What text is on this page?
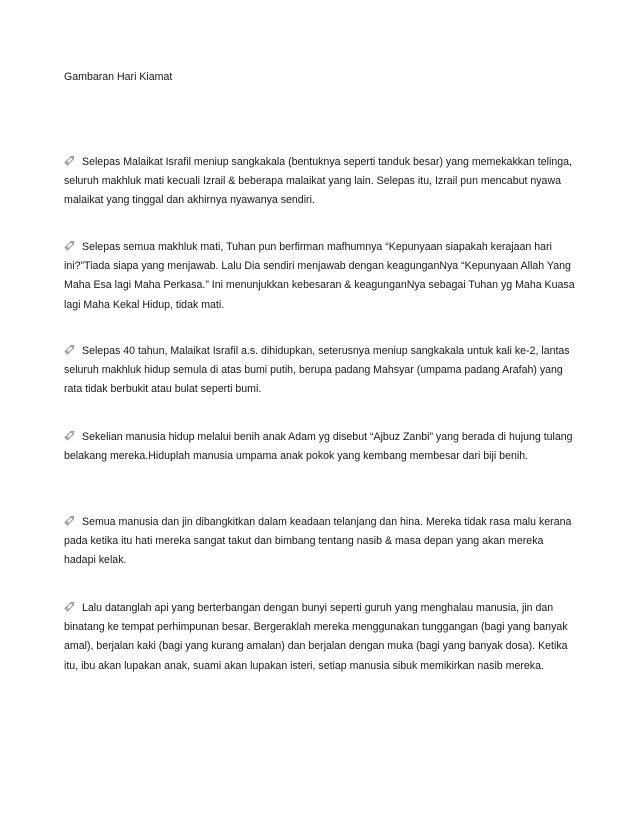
Gambaran Hari Kiamat

Selepas Malaikat Israfil meniup sangkakala (bentuknya seperti tanduk besar) yang memekakkan telinga, seluruh makhluk mati kecuali Izrail & beberapa malaikat yang lain. Selepas itu, Izrail pun mencabut nyawa malaikat yang tinggal dan akhirnya nyawanya sendiri.

Selepas semua makhluk mati, Tuhan pun berfirman mafhumnya “Kepunyaan siapakah kerajaan hari ini?”Tiada siapa yang menjawab. Lalu Dia sendiri menjawab dengan keagunganNya “Kepunyaan Allah Yang Maha Esa lagi Maha Perkasa.” Ini menunjukkan kebesaran & keagunganNya sebagai Tuhan yg Maha Kuasa lagi Maha Kekal Hidup, tidak mati.

Selepas 40 tahun, Malaikat Israfil a.s. dihidupkan, seterusnya meniup sangkakala untuk kali ke-2, lantas seluruh makhluk hidup semula di atas bumi putih, berupa padang Mahsyar (umpama padang Arafah) yang rata tidak berbukit atau bulat seperti bumi.

Sekelian manusia hidup melalui benih anak Adam yg disebut “Ajbuz Zanbi” yang berada di hujung tulang belakang mereka.Hiduplah manusia umpama anak pokok yang kembang membesar dari biji benih.

Semua manusia dan jin dibangkitkan dalam keadaan telanjang dan hina. Mereka tidak rasa malu kerana pada ketika itu hati mereka sangat takut dan bimbang tentang nasib & masa depan yang akan mereka hadapi kelak.

Lalu datanglah api yang berterbangan dengan bunyi seperti guruh yang menghalau manusia, jin dan binatang ke tempat perhimpunan besar. Bergeraklah mereka menggunakan tunggangan (bagi yang banyak amal), berjalan kaki (bagi yang kurang amalan) dan berjalan dengan muka (bagi yang banyak dosa). Ketika itu, ibu akan lupakan anak, suami akan lupakan isteri, setiap manusia sibuk memikirkan nasib mereka.
